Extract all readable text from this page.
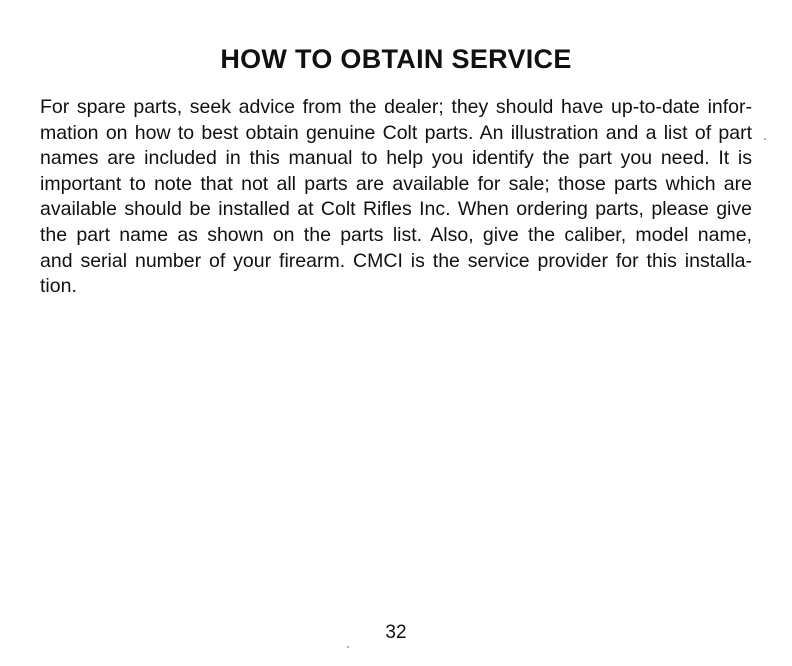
HOW TO OBTAIN SERVICE
For spare parts, seek advice from the dealer; they should have up-to-date infor-
mation on how to best obtain genuine Colt parts. An illustration and a list of part
names are included in this manual to help you identify the part you need. It is
important to note that not all parts are available for sale; those parts which are
available should be installed at Colt Rifles Inc. When ordering parts, please give
the part name as shown on the parts list. Also, give the caliber, model name,
and serial number of your firearm. CMCI is the service provider for this installa-
tion.
32
